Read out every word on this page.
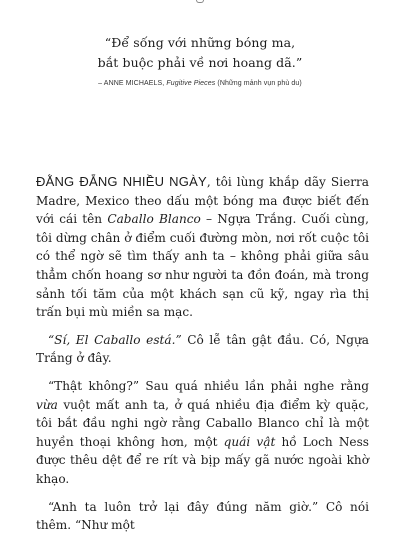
“Để sống với những bóng ma,
bắt buộc phải về nơi hoang dã.”
– ANNE MICHAELS, Fugitive Pieces (Những mảnh vụn phù du)

ĐẰNG ĐẴNG NHIỀU NGÀY, tôi lùng khắp dãy Sierra Madre, Mexico theo dấu một bóng ma được biết đến với cái tên Caballo Blanco – Ngựa Trắng. Cuối cùng, tôi dừng chân ở điểm cuối đường mòn, nơi rốt cuộc tôi có thể ngờ sẽ tìm thấy anh ta – không phải giữa sâu thẳm chốn hoang sơ như người ta đồn đoán, mà trong sảnh tối tăm của một khách sạn cũ kỹ, ngay rìa thị trấn bụi mù miền sa mạc.

“Sí, El Caballo está.” Cô lễ tân gật đầu. Có, Ngựa Trắng ở đây.

“Thật không?” Sau quá nhiều lần phải nghe rằng vừa vuột mất anh ta, ở quá nhiều địa điểm kỳ quặc, tôi bắt đầu nghi ngờ rằng Caballo Blanco chỉ là một huyền thoại không hơn, một quái vật hồ Loch Ness được thêu dệt để re rít và bịp mấy gã nước ngoài khờ khạo.

“Anh ta luôn trở lại đây đúng năm giờ.” Cô nói thêm. “Như một
